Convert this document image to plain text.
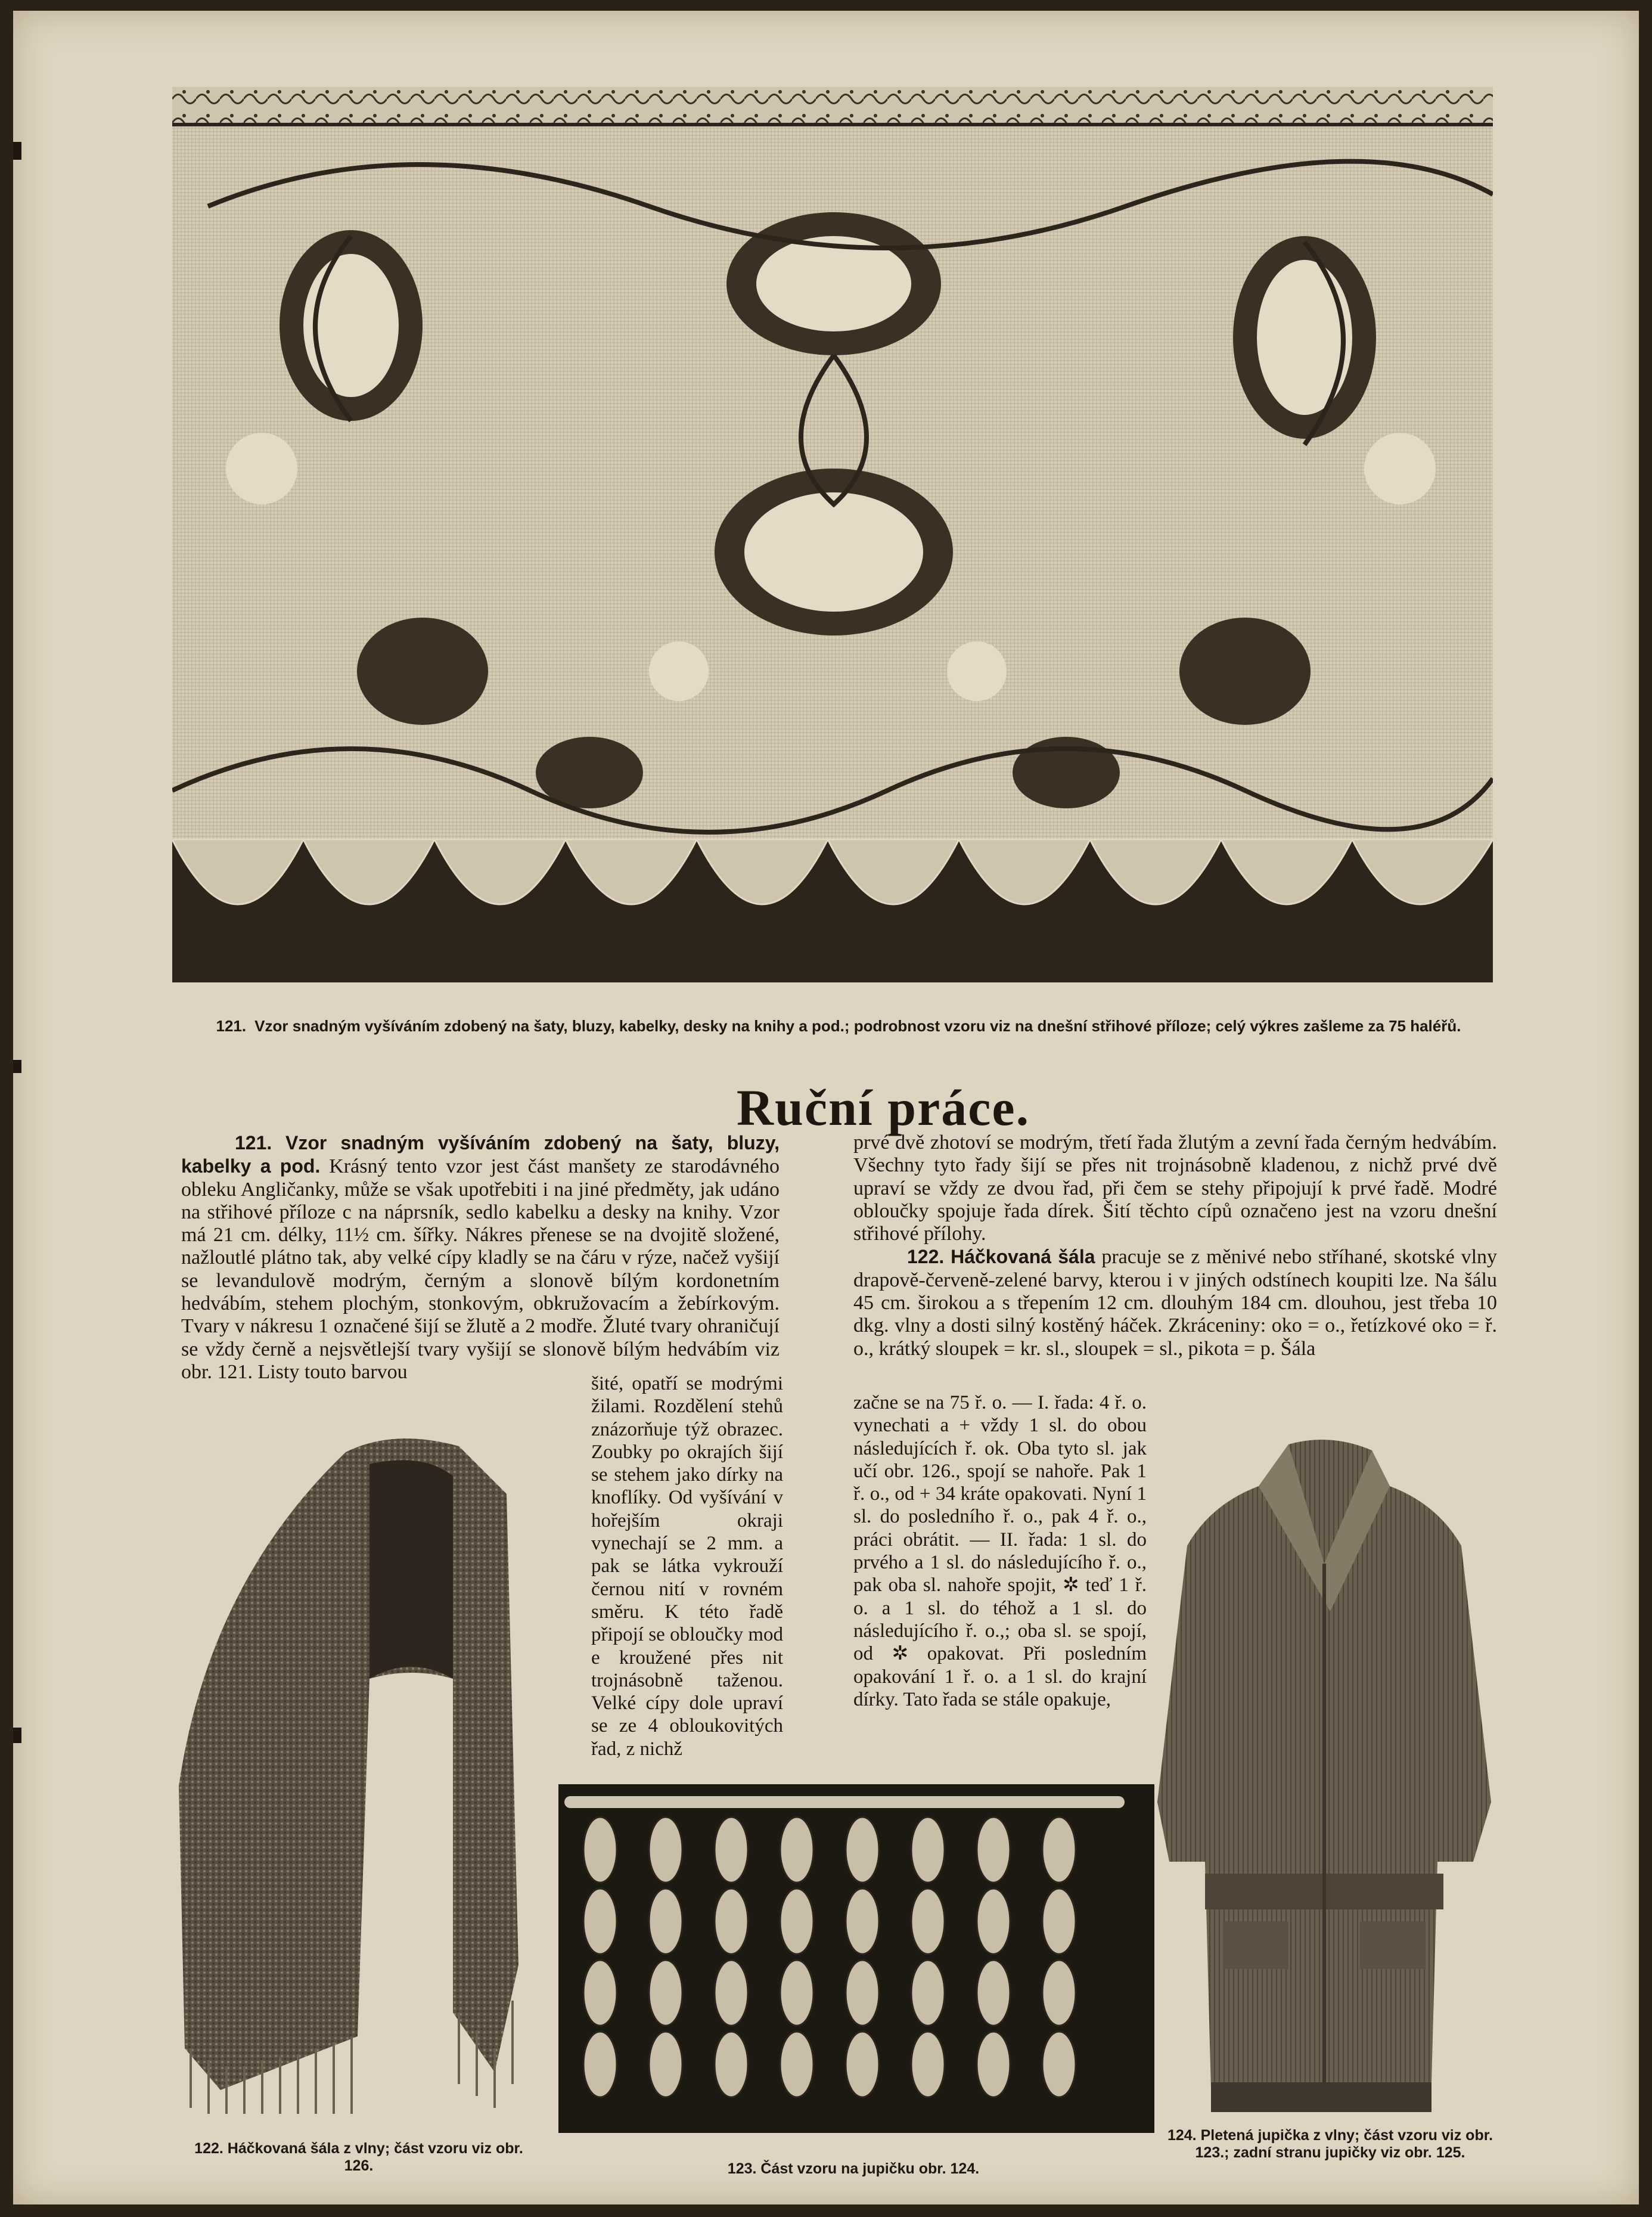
121. Vzor snadným vyšíváním zdobený na šaty, bluzy, kabelky, desky na knihy a pod.; podrobnost vzoru viz na dnešní střihové příloze; celý výkres zašleme za 75 haléřů.
Ruční práce.

121. Vzor snadným vyšíváním zdobený na šaty, bluzy, kabelky a pod. Krásný tento vzor jest část manšety ze starodávného obleku Angličanky, může se však upotřebiti i na jiné předměty, jak udáno na střihové příloze c na náprsník, sedlo kabelku a desky na knihy. Vzor má 21 cm. délky, 11½ cm. šířky. Nákres přenese se na dvojitě složené, nažloutlé plátno tak, aby velké cípy kladly se na čáru v rýze, načež vyšijí se levandulově modrým, černým a slonově bílým kordonetním hedvábím, stehem plochým, stonkovým, obkružovacím a žebírkovým. Tvary v nákresu 1 označené šijí se žlutě a 2 modře. Žluté tvary ohraničují se vždy černě a nejsvětlejší tvary vyšijí se slonově bílým hedvábím viz obr. 121. Listy touto barvou

šité, opatří se modrými žilami. Rozdělení stehů znázorňuje týž obrazec. Zoubky po okrajích šijí se stehem jako dírky na knoflíky. Od vyšívání v hořejším okraji vynechají se 2 mm. a pak se látka vykrouží černou nití v rovném směru. K této řadě připojí se obloučky mod e kroužené přes nit trojnásobně taženou. Velké cípy dole upraví se ze 4 obloukovitých řad, z nichž

prvé dvě zhotoví se modrým, třetí řada žlutým a zevní řada černým hedvábím. Všechny tyto řady šijí se přes nit trojnásobně kladenou, z nichž prvé dvě upraví se vždy ze dvou řad, při čem se stehy připojují k prvé řadě. Modré obloučky spojuje řada dírek. Šití těchto cípů označeno jest na vzoru dnešní střihové přílohy.

122. Háčkovaná šála pracuje se z měnivé nebo stříhané, skotské vlny drapově-červeně-zelené barvy, kterou i v jiných odstínech koupiti lze. Na šálu 45 cm. širokou a s třepením 12 cm. dlouhým 184 cm. dlouhou, jest třeba 10 dkg. vlny a dosti silný kostěný háček. Zkráceniny: oko = o., řetízkové oko = ř. o., krátký sloupek = kr. sl., sloupek = sl., pikota = p. Šála

začne se na 75 ř. o. — I. řada: 4 ř. o. vynechati a + vždy 1 sl. do obou následujících ř. ok. Oba tyto sl. jak učí obr. 126., spojí se nahoře. Pak 1 ř. o., od + 34 kráte opakovati. Nyní 1 sl. do posledního ř. o., pak 4 ř. o., práci obrátit. — II. řada: 1 sl. do prvého a 1 sl. do následujícího ř. o., pak oba sl. nahoře spojit, ✲ teď 1 ř. o. a 1 sl. do téhož a 1 sl. do následujícího ř. o.,; oba sl. se spojí, od ✲ opakovat. Při posledním opakování 1 ř. o. a 1 sl. do krajní dírky. Tato řada se stále opakuje,

122. Háčkovaná šála z vlny; část vzoru viz obr. 126.	123. Část vzoru na jupičku obr. 124.
124. Pletená jupička z vlny; část vzoru viz obr. 123.; zadní stranu jupičky viz obr. 125.
